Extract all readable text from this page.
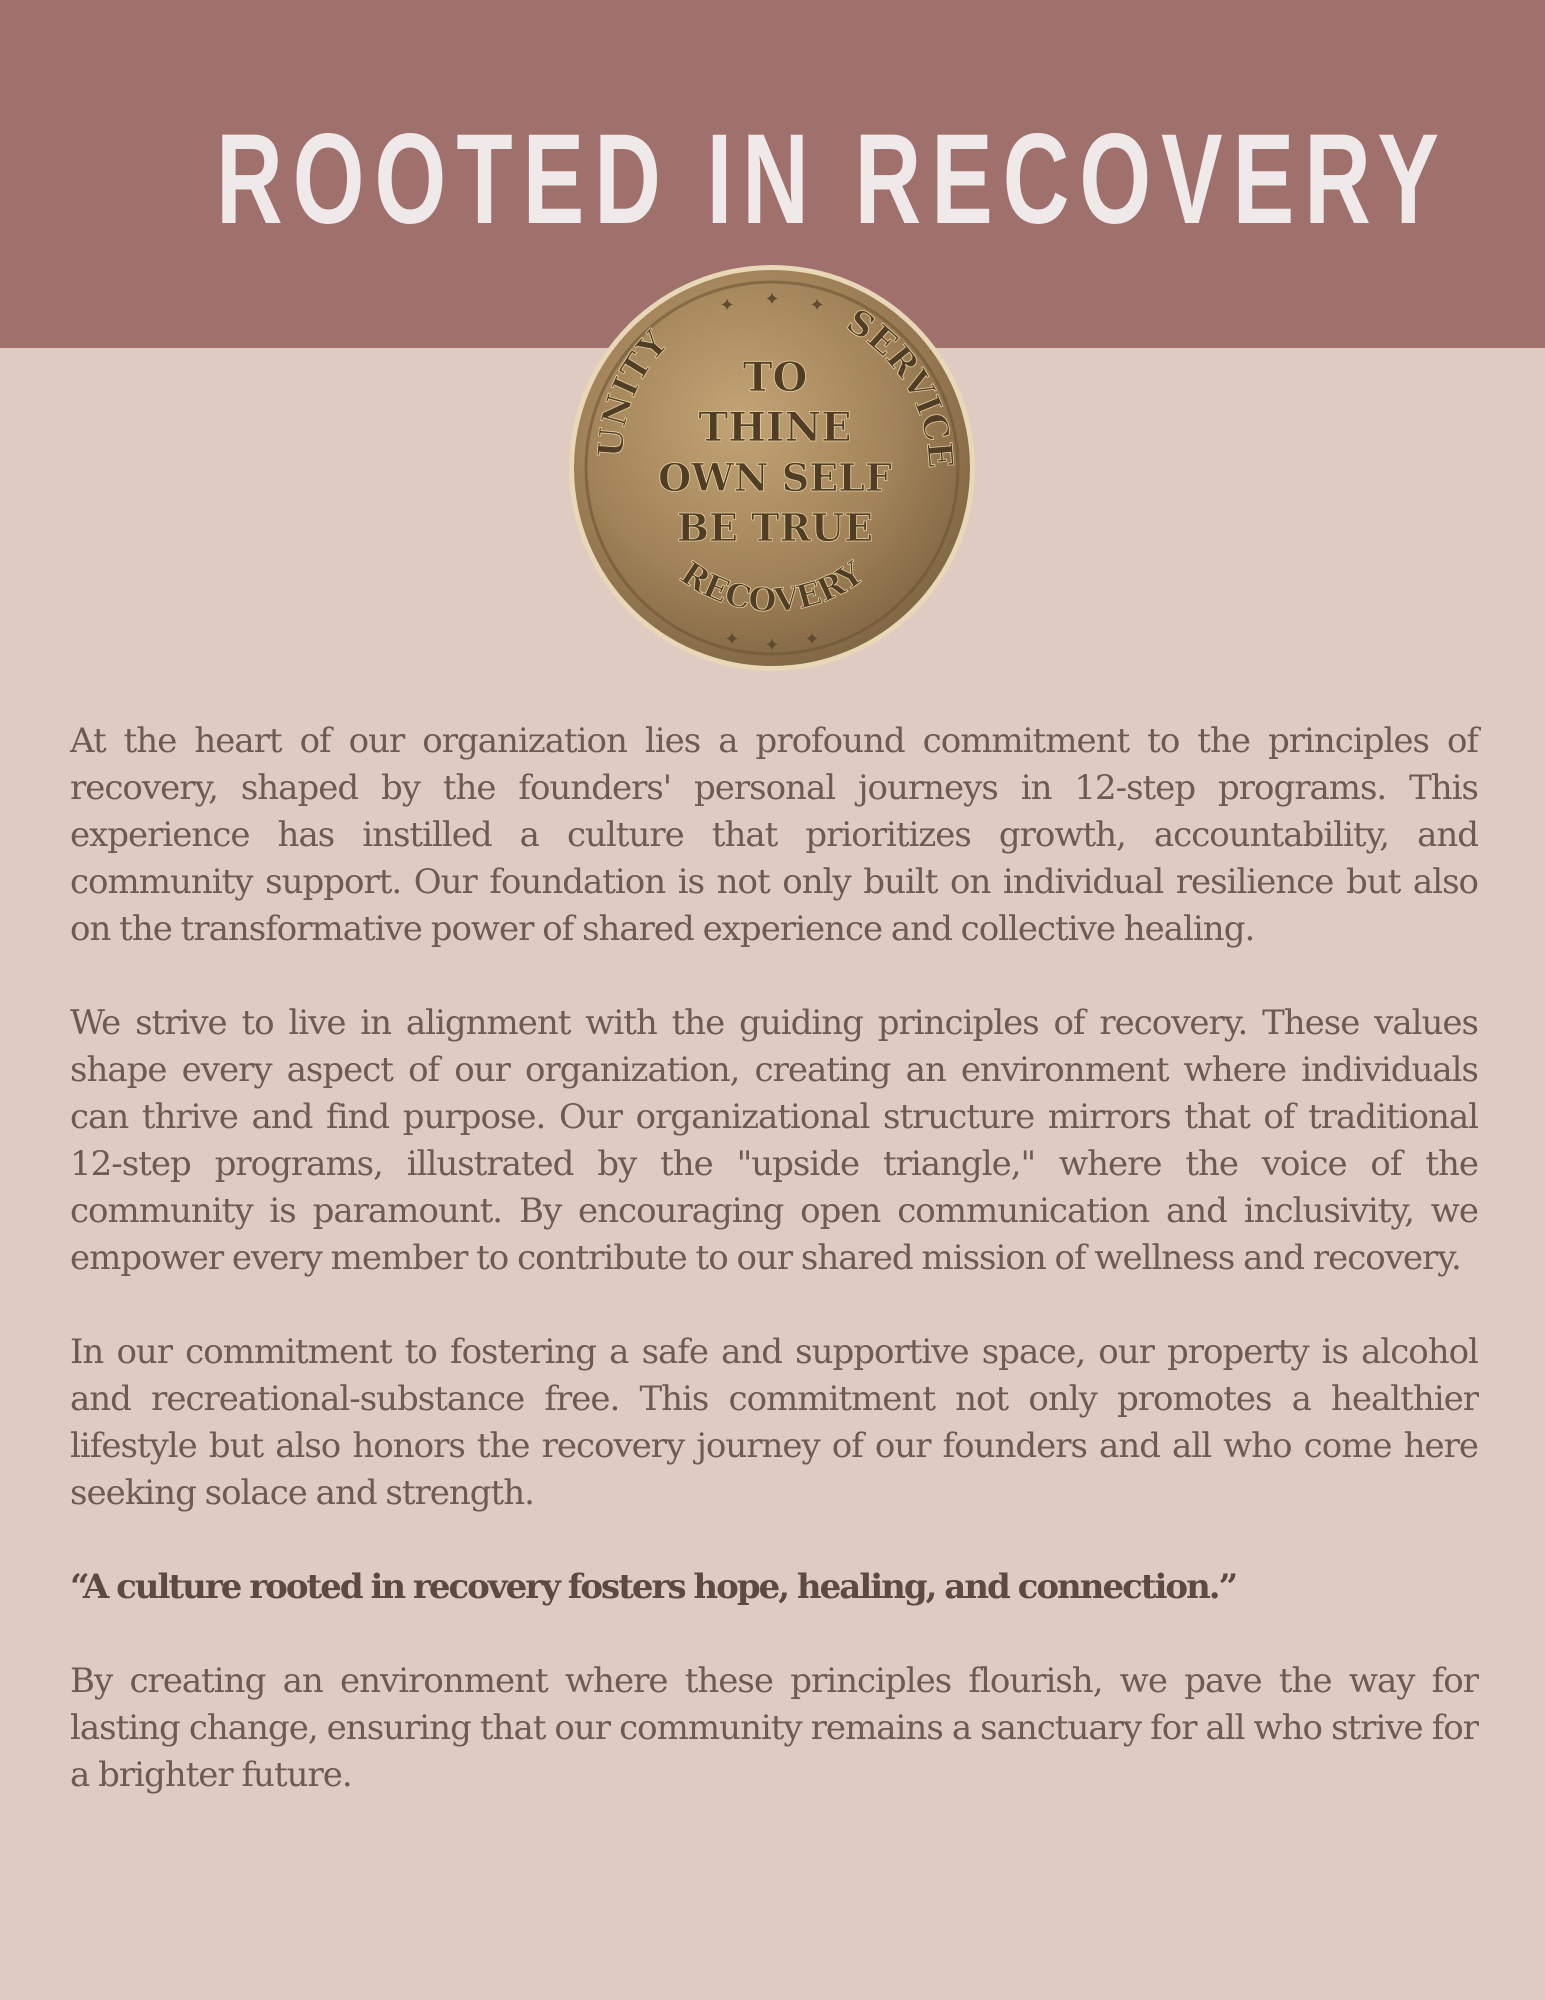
ROOTED IN RECOVERY
✦ ✦ ✦
✦ ✦ ✦
SERVICE
UNITY
RECOVERY
TO
THINE
OWN SELF
BE TRUE

At the heart of our organization lies a profound commitment to the principles of recovery, shaped by the founders' personal journeys in 12-step programs. This experience has instilled a culture that prioritizes growth, accountability, and community support. Our foundation is not only built on individual resilience but also on the transformative power of shared experience and collective healing.

We strive to live in alignment with the guiding principles of recovery. These values shape every aspect of our organization, creating an environment where individuals can thrive and find purpose. Our organizational structure mirrors that of traditional 12-step programs, illustrated by the "upside triangle," where the voice of the community is paramount. By encouraging open communication and inclusivity, we empower every member to contribute to our shared mission of wellness and recovery.

In our commitment to fostering a safe and supportive space, our property is alcohol and recreational-substance free. This commitment not only promotes a healthier lifestyle but also honors the recovery journey of our founders and all who come here seeking solace and strength.

“A culture rooted in recovery fosters hope, healing, and connection.”

By creating an environment where these principles flourish, we pave the way for lasting change, ensuring that our community remains a sanctuary for all who strive for a brighter future.
